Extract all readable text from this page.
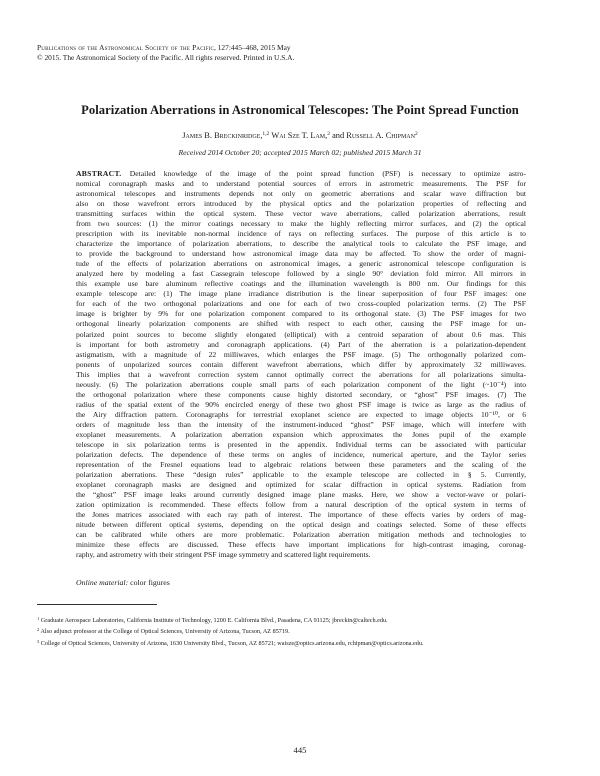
Publications of the Astronomical Society of the Pacific, 127:445–468, 2015 May
© 2015. The Astronomical Society of the Pacific. All rights reserved. Printed in U.S.A.
Polarization Aberrations in Astronomical Telescopes: The Point Spread Function
James B. Breckinridge,$^{1,2}$ Wai Sze T. Lam,$^2$ and Russell A. Chipman$^2$
Received 2014 October 20; accepted 2015 March 02; published 2015 March 31
ABSTRACT. Detailed knowledge of the image of the point spread function (PSF) is necessary to optimize astro-
nomical coronagraph masks and to understand potential sources of errors in astrometric measurements. The PSF for
astronomical telescopes and instruments depends not only on geometric aberrations and scalar wave diffraction but
also on those wavefront errors introduced by the physical optics and the polarization properties of reflecting and
transmitting surfaces within the optical system. These vector wave aberrations, called polarization aberrations, result
from two sources: (1) the mirror coatings necessary to make the highly reflecting mirror surfaces, and (2) the optical
prescription with its inevitable non-normal incidence of rays on reflecting surfaces. The purpose of this article is to
characterize the importance of polarization aberrations, to describe the analytical tools to calculate the PSF image, and
to provide the background to understand how astronomical image data may be affected. To show the order of magni-
tude of the effects of polarization aberrations on astronomical images, a generic astronomical telescope configuration is
analyzed here by modeling a fast Cassegrain telescope followed by a single 90° deviation fold mirror. All mirrors in
this example use bare aluminum reflective coatings and the illumination wavelength is 800 nm. Our findings for this
example telescope are: (1) The image plane irradiance distribution is the linear superposition of four PSF images: one
for each of the two orthogonal polarizations and one for each of two cross-coupled polarization terms. (2) The PSF
image is brighter by 9% for one polarization component compared to its orthogonal state. (3) The PSF images for two
orthogonal linearly polarization components are shifted with respect to each other, causing the PSF image for un-
polarized point sources to become slightly elongated (elliptical) with a centroid separation of about 0.6 mas. This
is important for both astrometry and coronagraph applications. (4) Part of the aberration is a polarization-dependent
astigmatism, with a magnitude of 22 milliwaves, which enlarges the PSF image. (5) The orthogonally polarized com-
ponents of unpolarized sources contain different wavefront aberrations, which differ by approximately 32 milliwaves.
This implies that a wavefront correction system cannot optimally correct the aberrations for all polarizations simulta-
neously. (6) The polarization aberrations couple small parts of each polarization component of the light (~10⁻⁴) into
the orthogonal polarization where these components cause highly distorted secondary, or “ghost” PSF images. (7) The
radius of the spatial extent of the 90% encircled energy of these two ghost PSF image is twice as large as the radius of
the Airy diffraction pattern. Coronagraphs for terrestrial exoplanet science are expected to image objects 10⁻¹⁰, or 6
orders of magnitude less than the intensity of the instrument-induced “ghost” PSF image, which will interfere with
exoplanet measurements. A polarization aberration expansion which approximates the Jones pupil of the example
telescope in six polarization terms is presented in the appendix. Individual terms can be associated with particular
polarization defects. The dependence of these terms on angles of incidence, numerical aperture, and the Taylor series
representation of the Fresnel equations lead to algebraic relations between these parameters and the scaling of the
polarization aberrations. These “design rules” applicable to the example telescope are collected in § 5. Currently,
exoplanet coronagraph masks are designed and optimized for scalar diffraction in optical systems. Radiation from
the “ghost” PSF image leaks around currently designed image plane masks. Here, we show a vector-wave or polari-
zation optimization is recommended. These effects follow from a natural description of the optical system in terms of
the Jones matrices associated with each ray path of interest. The importance of these effects varies by orders of mag-
nitude between different optical systems, depending on the optical design and coatings selected. Some of these effects
can be calibrated while others are more problematic. Polarization aberration mitigation methods and technologies to
minimize these effects are discussed. These effects have important implications for high-contrast imaging, coronag-
raphy, and astrometry with their stringent PSF image symmetry and scattered light requirements.
Online material: color figures
$^1$ Graduate Aerospace Laboratories, California Institute of Technology, 1200 E. California Blvd., Pasadena, CA 91125; jbreckin@caltech.edu.
$^2$ Also adjunct professor at the College of Optical Sciences, University of Arizona, Tucson, AZ 85719.
$^3$ College of Optical Sciences, University of Arizona, 1630 University Blvd., Tucson, AZ 85721; waisze@optics.arizona.edu, rchipman@optics.arizona.edu.
445
